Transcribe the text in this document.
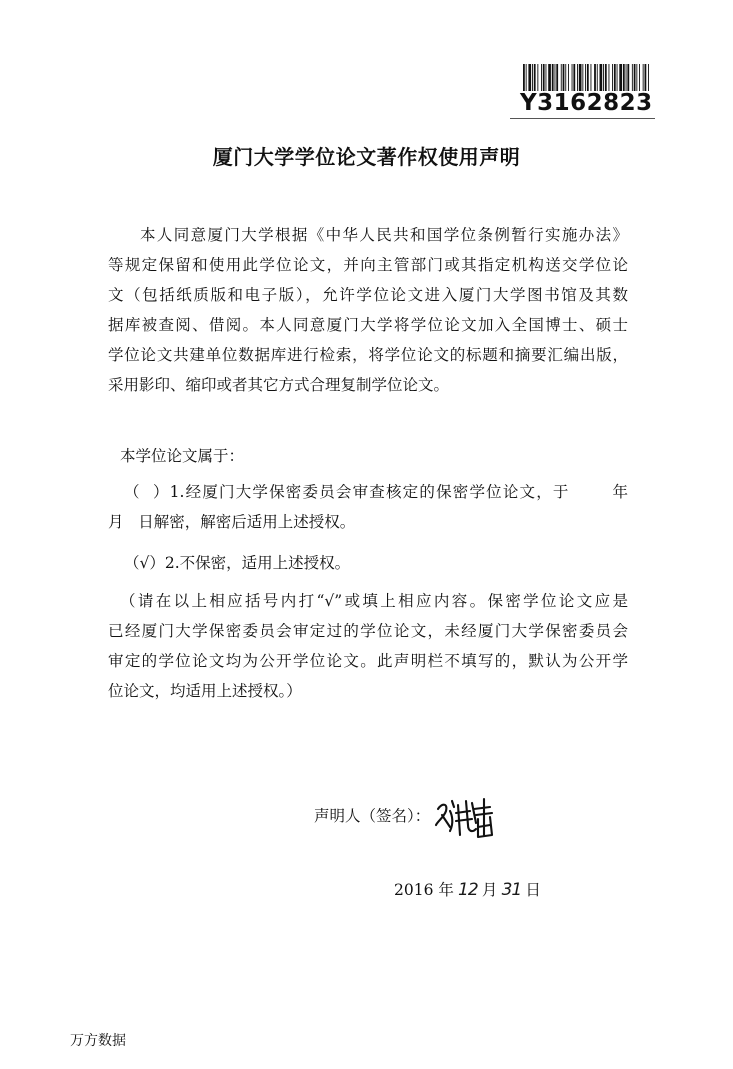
Y3162823
厦门大学学位论文著作权使用声明
本人同意厦门大学根据《中华人民共和国学位条例暂行实施办法》
等规定保留和使用此学位论文，并向主管部门或其指定机构送交学位论
文（包括纸质版和电子版），允许学位论文进入厦门大学图书馆及其数
据库被查阅、借阅。本人同意厦门大学将学位论文加入全国博士、硕士
学位论文共建单位数据库进行检索，将学位论文的标题和摘要汇编出版，
采用影印、缩印或者其它方式合理复制学位论文。
本学位论文属于：
（  ）1.经厦门大学保密委员会审查核定的保密学位论文，于       年
月   日解密，解密后适用上述授权。
（√）2.不保密，适用上述授权。
（请在以上相应括号内打“√”或填上相应内容。保密学位论文应是
已经厦门大学保密委员会审定过的学位论文，未经厦门大学保密委员会
审定的学位论文均为公开学位论文。此声明栏不填写的，默认为公开学
位论文，均适用上述授权。）
声明人（签名）：
2016 年 12 月 31 日
万方数据
